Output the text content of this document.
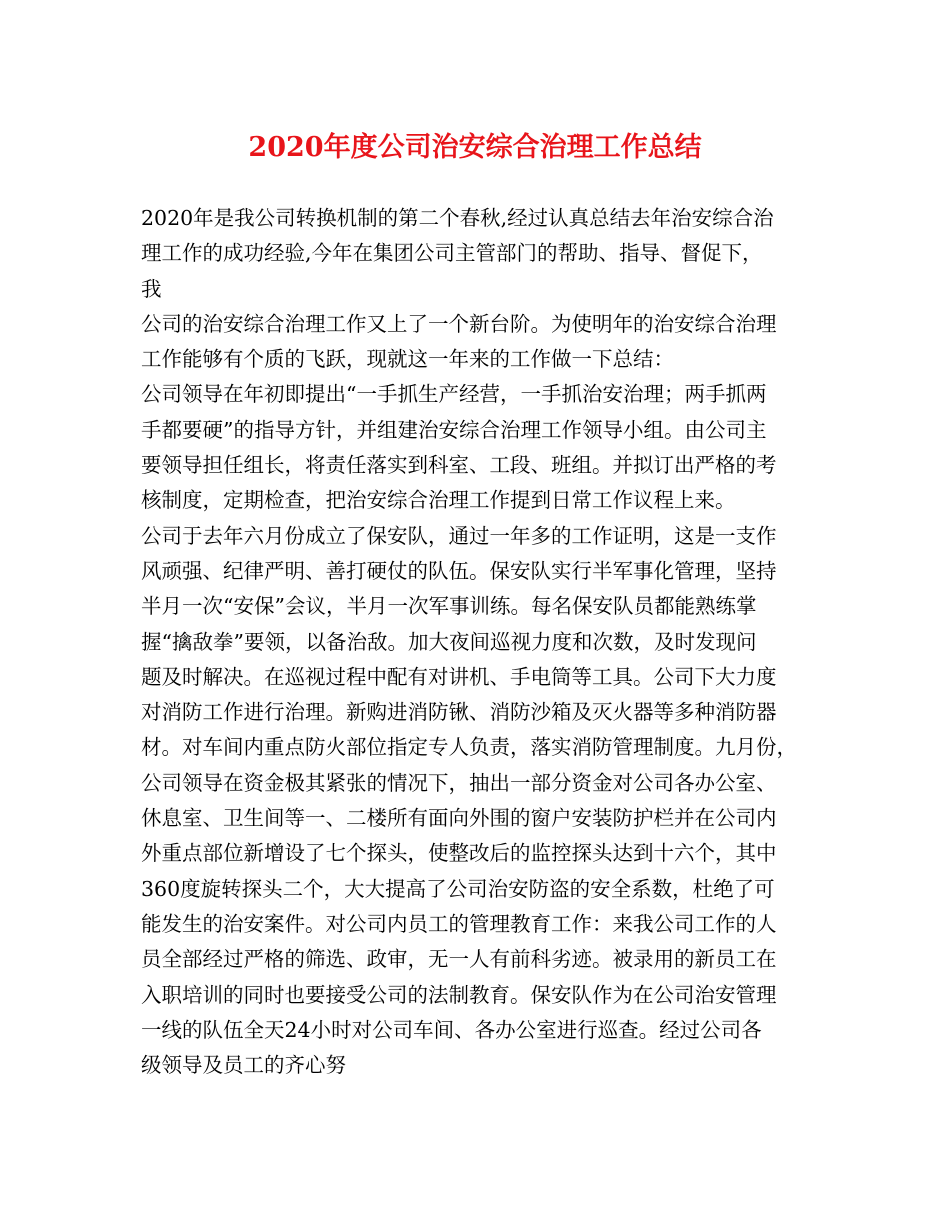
2020年度公司治安综合治理工作总结
2020年是我公司转换机制的第二个春秋,经过认真总结去年治安综合治
理工作的成功经验,今年在集团公司主管部门的帮助、指导、督促下，
我
公司的治安综合治理工作又上了一个新台阶。为使明年的治安综合治理
工作能够有个质的飞跃，现就这一年来的工作做一下总结：
公司领导在年初即提出“一手抓生产经营，一手抓治安治理；两手抓两
手都要硬”的指导方针，并组建治安综合治理工作领导小组。由公司主
要领导担任组长，将责任落实到科室、工段、班组。并拟订出严格的考
核制度，定期检查，把治安综合治理工作提到日常工作议程上来。
公司于去年六月份成立了保安队，通过一年多的工作证明，这是一支作
风顽强、纪律严明、善打硬仗的队伍。保安队实行半军事化管理，坚持
半月一次“安保”会议，半月一次军事训练。每名保安队员都能熟练掌
握“擒敌拳”要领，以备治敌。加大夜间巡视力度和次数，及时发现问
题及时解决。在巡视过程中配有对讲机、手电筒等工具。公司下大力度
对消防工作进行治理。新购进消防锹、消防沙箱及灭火器等多种消防器
材。对车间内重点防火部位指定专人负责，落实消防管理制度。九月份，
公司领导在资金极其紧张的情况下，抽出一部分资金对公司各办公室、
休息室、卫生间等一、二楼所有面向外围的窗户安装防护栏并在公司内
外重点部位新增设了七个探头，使整改后的监控探头达到十六个，其中
360度旋转探头二个，大大提高了公司治安防盗的安全系数，杜绝了可
能发生的治安案件。对公司内员工的管理教育工作：来我公司工作的人
员全部经过严格的筛选、政审，无一人有前科劣迹。被录用的新员工在
入职培训的同时也要接受公司的法制教育。保安队作为在公司治安管理
一线的队伍全天24小时对公司车间、各办公室进行巡查。经过公司各
级领导及员工的齐心努
